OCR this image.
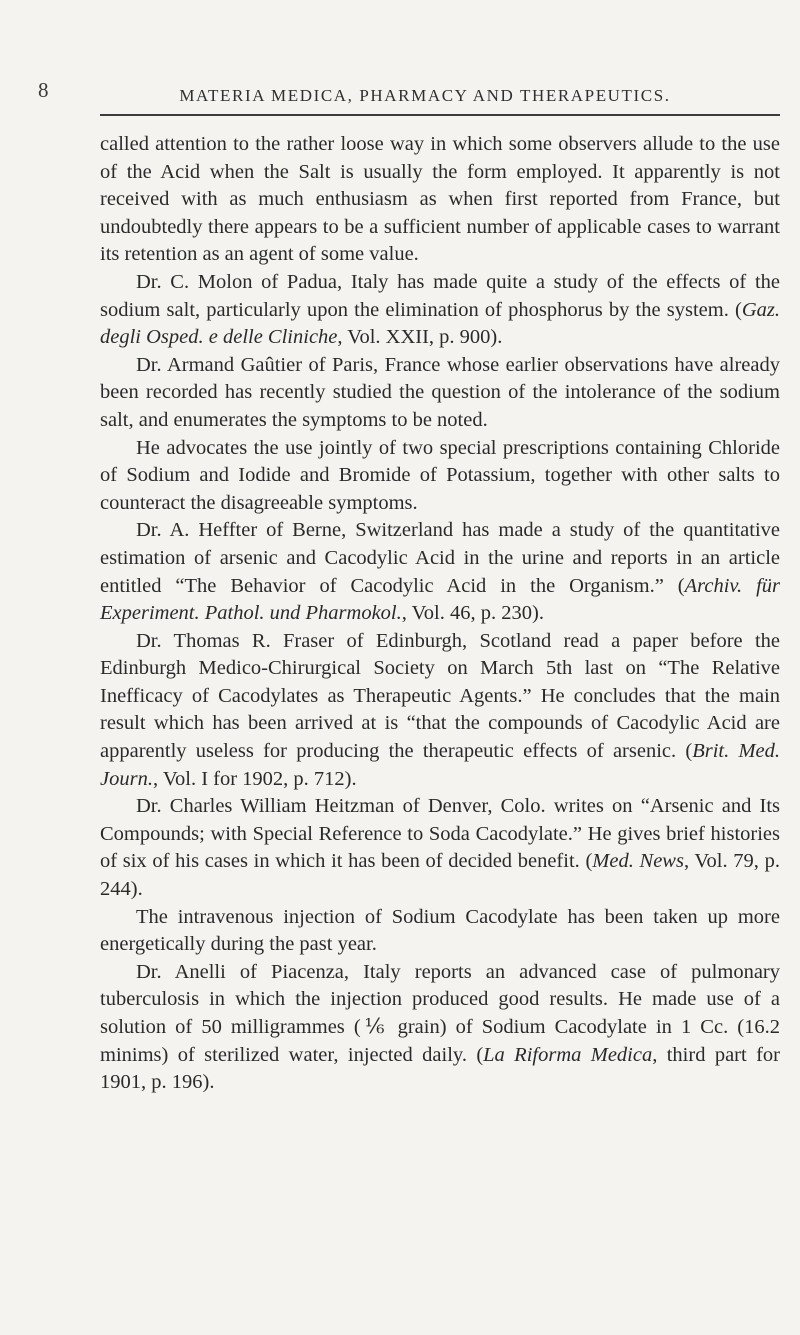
8	MATERIA MEDICA, PHARMACY AND THERAPEUTICS.

called attention to the rather loose way in which some observers allude to the use of the Acid when the Salt is usually the form employed. It apparently is not received with as much enthusiasm as when first reported from France, but undoubtedly there appears to be a sufficient number of applicable cases to warrant its retention as an agent of some value.

Dr. C. Molon of Padua, Italy has made quite a study of the effects of the sodium salt, particularly upon the elimination of phosphorus by the system. (Gaz. degli Osped. e delle Cliniche, Vol. XXII, p. 900).

Dr. Armand Gaûtier of Paris, France whose earlier observations have already been recorded has recently studied the question of the intolerance of the sodium salt, and enumerates the symptoms to be noted.

He advocates the use jointly of two special prescriptions containing Chloride of Sodium and Iodide and Bromide of Potassium, together with other salts to counteract the disagreeable symptoms.

Dr. A. Heffter of Berne, Switzerland has made a study of the quantitative estimation of arsenic and Cacodylic Acid in the urine and reports in an article entitled “The Behavior of Cacodylic Acid in the Organism.” (Archiv. für Experiment. Pathol. und Pharmokol., Vol. 46, p. 230).

Dr. Thomas R. Fraser of Edinburgh, Scotland read a paper before the Edinburgh Medico-Chirurgical Society on March 5th last on “The Relative Inefficacy of Cacodylates as Therapeutic Agents.” He concludes that the main result which has been arrived at is “that the compounds of Cacodylic Acid are apparently useless for producing the therapeutic effects of arsenic. (Brit. Med. Journ., Vol. I for 1902, p. 712).

Dr. Charles William Heitzman of Denver, Colo. writes on “Arsenic and Its Compounds; with Special Reference to Soda Cacodylate.” He gives brief histories of six of his cases in which it has been of decided benefit. (Med. News, Vol. 79, p. 244).

The intravenous injection of Sodium Cacodylate has been taken up more energetically during the past year.

Dr. Anelli of Piacenza, Italy reports an advanced case of pulmonary tuberculosis in which the injection produced good results. He made use of a solution of 50 milligrammes (⅙ grain) of Sodium Cacodylate in 1 Cc. (16.2 minims) of sterilized water, injected daily. (La Riforma Medica, third part for 1901, p. 196).
